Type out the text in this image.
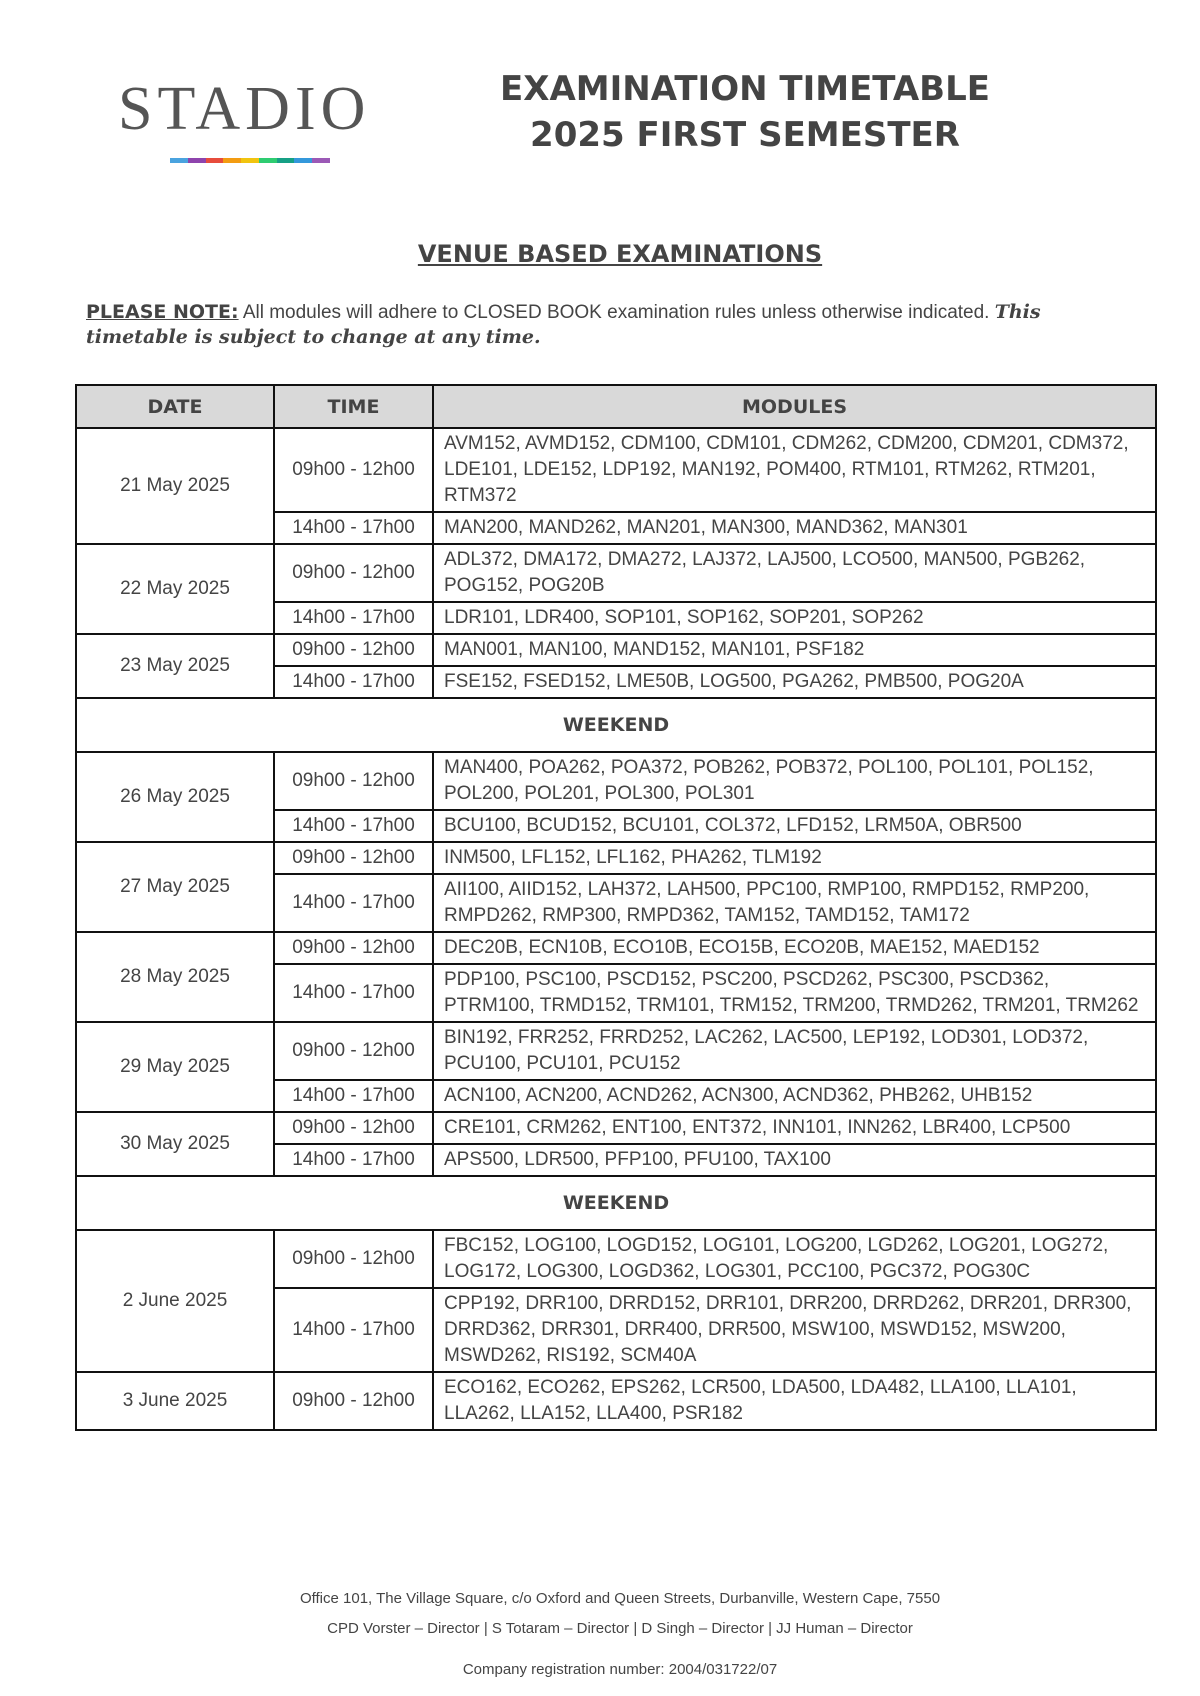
STADIO	EXAMINATION TIMETABLE
2025 FIRST SEMESTER
VENUE BASED EXAMINATIONS
PLEASE NOTE: All modules will adhere to CLOSED BOOK examination rules unless otherwise indicated. This timetable is subject to change at any time.
DATE	TIME	MODULES
21 May 2025	09h00 - 12h00	AVM152, AVMD152, CDM100, CDM101, CDM262, CDM200, CDM201, CDM372, LDE101, LDE152, LDP192, MAN192, POM400, RTM101, RTM262, RTM201, RTM372
	14h00 - 17h00	MAN200, MAND262, MAN201, MAN300, MAND362, MAN301
22 May 2025	09h00 - 12h00	ADL372, DMA172, DMA272, LAJ372, LAJ500, LCO500, MAN500, PGB262, POG152, POG20B
	14h00 - 17h00	LDR101, LDR400, SOP101, SOP162, SOP201, SOP262
23 May 2025	09h00 - 12h00	MAN001, MAN100, MAND152, MAN101, PSF182
	14h00 - 17h00	FSE152, FSED152, LME50B, LOG500, PGA262, PMB500, POG20A
WEEKEND		
26 May 2025	09h00 - 12h00	MAN400, POA262, POA372, POB262, POB372, POL100, POL101, POL152, POL200, POL201, POL300, POL301
	14h00 - 17h00	BCU100, BCUD152, BCU101, COL372, LFD152, LRM50A, OBR500
27 May 2025	09h00 - 12h00	INM500, LFL152, LFL162, PHA262, TLM192
	14h00 - 17h00	AII100, AIID152, LAH372, LAH500, PPC100, RMP100, RMPD152, RMP200, RMPD262, RMP300, RMPD362, TAM152, TAMD152, TAM172
28 May 2025	09h00 - 12h00	DEC20B, ECN10B, ECO10B, ECO15B, ECO20B, MAE152, MAED152
	14h00 - 17h00	PDP100, PSC100, PSCD152, PSC200, PSCD262, PSC300, PSCD362, PTRM100, TRMD152, TRM101, TRM152, TRM200, TRMD262, TRM201, TRM262
29 May 2025	09h00 - 12h00	BIN192, FRR252, FRRD252, LAC262, LAC500, LEP192, LOD301, LOD372, PCU100, PCU101, PCU152
	14h00 - 17h00	ACN100, ACN200, ACND262, ACN300, ACND362, PHB262, UHB152
30 May 2025	09h00 - 12h00	CRE101, CRM262, ENT100, ENT372, INN101, INN262, LBR400, LCP500
	14h00 - 17h00	APS500, LDR500, PFP100, PFU100, TAX100
WEEKEND		
2 June 2025	09h00 - 12h00	FBC152, LOG100, LOGD152, LOG101, LOG200, LGD262, LOG201, LOG272, LOG172, LOG300, LOGD362, LOG301, PCC100, PGC372, POG30C
	14h00 - 17h00	CPP192, DRR100, DRRD152, DRR101, DRR200, DRRD262, DRR201, DRR300, DRRD362, DRR301, DRR400, DRR500, MSW100, MSWD152, MSW200, MSWD262, RIS192, SCM40A
3 June 2025	09h00 - 12h00	ECO162, ECO262, EPS262, LCR500, LDA500, LDA482, LLA100, LLA101, LLA262, LLA152, LLA400, PSR182
Office 101, The Village Square, c/o Oxford and Queen Streets, Durbanville, Western Cape, 7550
CPD Vorster – Director | S Totaram – Director | D Singh – Director | JJ Human – Director
Company registration number: 2004/031722/07
